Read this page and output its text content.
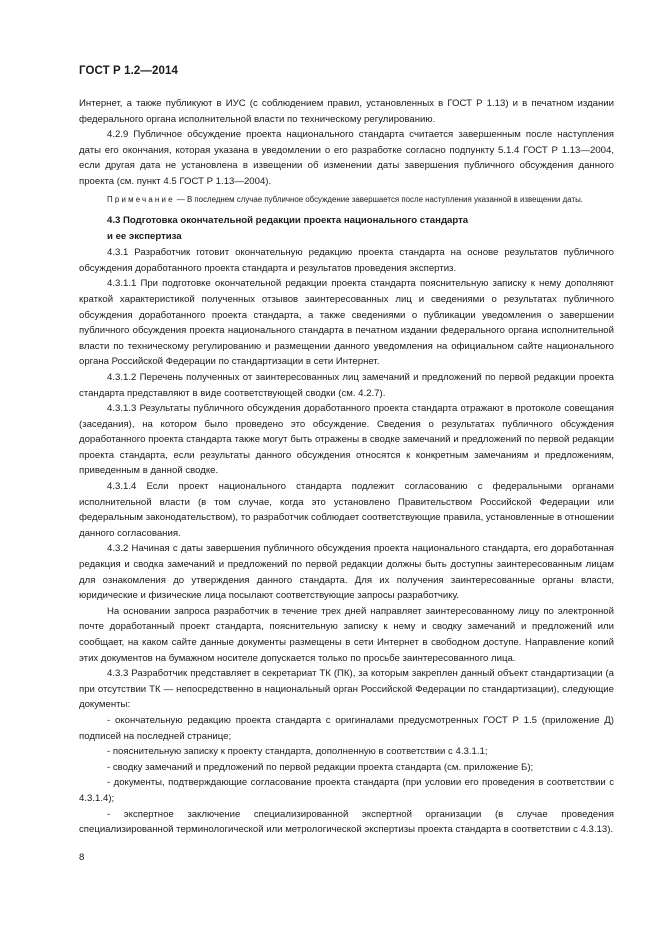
ГОСТ Р 1.2—2014

Интернет, а также публикуют в ИУС (с соблюдением правил, установленных в ГОСТ Р 1.13) и в печатном издании федерального органа исполнительной власти по техническому регулированию.

4.2.9 Публичное обсуждение проекта национального стандарта считается завершенным после наступления даты его окончания, которая указана в уведомлении о его разработке согласно подпункту 5.1.4 ГОСТ Р 1.13—2004, если другая дата не установлена в извещении об изменении даты завершения публичного обсуждения данного проекта (см. пункт 4.5 ГОСТ Р 1.13—2004).

Примечание — В последнем случае публичное обсуждение завершается после наступления указанной в извещении даты.

4.3 Подготовка окончательной редакции проекта национального стандарта
и ее экспертиза

4.3.1 Разработчик готовит окончательную редакцию проекта стандарта на основе результатов публичного обсуждения доработанного проекта стандарта и результатов проведения экспертиз.

4.3.1.1 При подготовке окончательной редакции проекта стандарта пояснительную записку к нему дополняют краткой характеристикой полученных отзывов заинтересованных лиц и сведениями о результатах публичного обсуждения доработанного проекта стандарта, а также сведениями о публикации уведомления о завершении публичного обсуждения проекта национального стандарта в печатном издании федерального органа исполнительной власти по техническому регулированию и размещении данного уведомления на официальном сайте национального органа Российской Федерации по стандартизации в сети Интернет.

4.3.1.2 Перечень полученных от заинтересованных лиц замечаний и предложений по первой редакции проекта стандарта представляют в виде соответствующей сводки (см. 4.2.7).

4.3.1.3 Результаты публичного обсуждения доработанного проекта стандарта отражают в протоколе совещания (заседания), на котором было проведено это обсуждение. Сведения о результатах публичного обсуждения доработанного проекта стандарта также могут быть отражены в сводке замечаний и предложений по первой редакции проекта стандарта, если результаты данного обсуждения относятся к конкретным замечаниям и предложениям, приведенным в данной сводке.

4.3.1.4 Если проект национального стандарта подлежит согласованию с федеральными органами исполнительной власти (в том случае, когда это установлено Правительством Российской Федерации или федеральным законодательством), то разработчик соблюдает соответствующие правила, установленные в отношении данного согласования.

4.3.2 Начиная с даты завершения публичного обсуждения проекта национального стандарта, его доработанная редакция и сводка замечаний и предложений по первой редакции должны быть доступны заинтересованным лицам для ознакомления до утверждения данного стандарта. Для их получения заинтересованные органы власти, юридические и физические лица посылают соответствующие запросы разработчику.

На основании запроса разработчик в течение трех дней направляет заинтересованному лицу по электронной почте доработанный проект стандарта, пояснительную записку к нему и сводку замечаний и предложений или сообщает, на каком сайте данные документы размещены в сети Интернет в свободном доступе. Направление копий этих документов на бумажном носителе допускается только по просьбе заинтересованного лица.

4.3.3 Разработчик представляет в секретариат ТК (ПК), за которым закреплен данный объект стандартизации (а при отсутствии ТК — непосредственно в национальный орган Российской Федерации по стандартизации), следующие документы:

- окончательную редакцию проекта стандарта с оригиналами предусмотренных ГОСТ Р 1.5 (приложение Д) подписей на последней странице;

- пояснительную записку к проекту стандарта, дополненную в соответствии с 4.3.1.1;

- сводку замечаний и предложений по первой редакции проекта стандарта (см. приложение Б);

- документы, подтверждающие согласование проекта стандарта (при условии его проведения в соответствии с 4.3.1.4);

- экспертное заключение специализированной экспертной организации (в случае проведения специализированной терминологической или метрологической экспертизы проекта стандарта в соответствии с 4.3.13).

8
